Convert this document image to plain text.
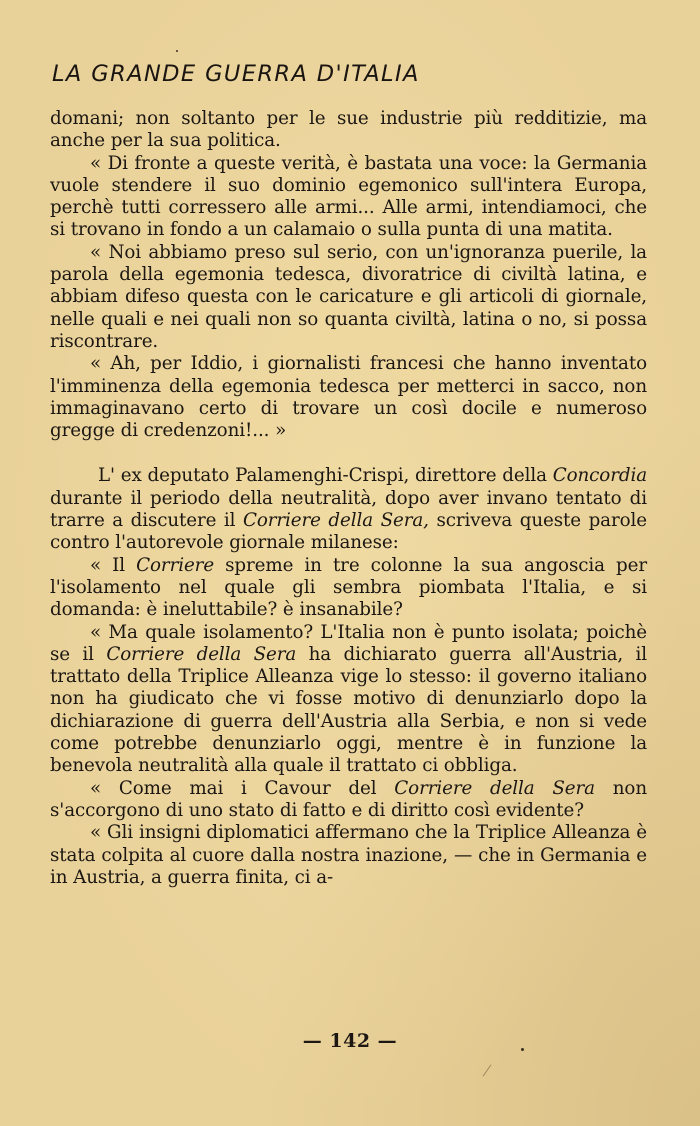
LA GRANDE GUERRA D'ITALIA

domani; non soltanto per le sue industrie più redditizie, ma anche per la sua politica.

« Di fronte a queste verità, è bastata una voce: la Germania vuole stendere il suo dominio egemonico sull'intera Europa, perchè tutti corressero alle armi... Alle armi, intendiamoci, che si trovano in fondo a un calamaio o sulla punta di una matita.

« Noi abbiamo preso sul serio, con un'ignoranza puerile, la parola della egemonia tedesca, divoratrice di civiltà latina, e abbiam difeso questa con le caricature e gli articoli di giornale, nelle quali e nei quali non so quanta civiltà, latina o no, si possa riscontrare.

« Ah, per Iddio, i giornalisti francesi che hanno inventato l'imminenza della egemonia tedesca per metterci in sacco, non immaginavano certo di trovare un così docile e numeroso gregge di credenzoni!... »

L' ex deputato Palamenghi-Crispi, direttore della Concordia durante il periodo della neutralità, dopo aver invano tentato di trarre a discutere il Corriere della Sera, scriveva queste parole contro l'autorevole giornale milanese:

« Il Corriere spreme in tre colonne la sua angoscia per l'isolamento nel quale gli sembra piombata l'Italia, e si domanda: è ineluttabile? è insanabile?

« Ma quale isolamento? L'Italia non è punto isolata; poichè se il Corriere della Sera ha dichiarato guerra all'Austria, il trattato della Triplice Alleanza vige lo stesso: il governo italiano non ha giudicato che vi fosse motivo di denunziarlo dopo la dichiarazione di guerra dell'Austria alla Serbia, e non si vede come potrebbe denunziarlo oggi, mentre è in funzione la benevola neutralità alla quale il trattato ci obbliga.

« Come mai i Cavour del Corriere della Sera non s'accorgono di uno stato di fatto e di diritto così evidente?

« Gli insigni diplomatici affermano che la Triplice Alleanza è stata colpita al cuore dalla nostra inazione, — che in Germania e in Austria, a guerra finita, ci a-

— 142 —
